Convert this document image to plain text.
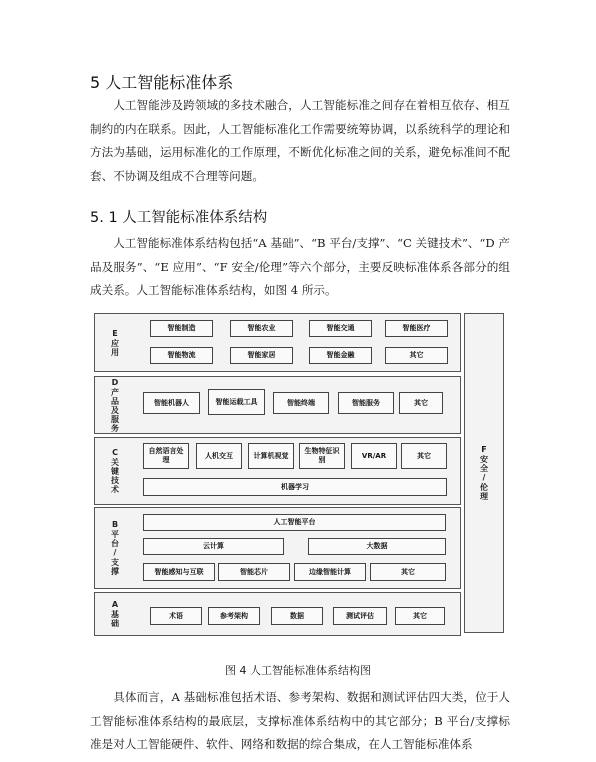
5 人工智能标准体系

人工智能涉及跨领域的多技术融合，人工智能标准之间存在着相互依存、相互制约的内在联系。因此，人工智能标准化工作需要统筹协调，以系统科学的理论和方法为基础，运用标准化的工作原理，不断优化标准之间的关系，避免标准间不配套、不协调及组成不合理等问题。

5. 1 人工智能标准体系结构

人工智能标准体系结构包括“A 基础”、“B 平台/支撑”、“C 关键技术”、“D 产品及服务”、“E 应用”、“F 安全/伦理”等六个部分，主要反映标准体系各部分的组成关系。人工智能标准体系结构，如图 4 所示。

E应用
智能制造	智能农业	智能交通	智能医疗
智能物流	智能家居	智能金融	其它
D产品及服务	智能机器人	智能运载工具	智能终端	智能服务	其它
C关键技术	自然语言处理
人机交互	计算机视觉
生物特征识别
VR/AR	其它
机器学习
B平台/支撑	人工智能平台
云计算	大数据
智能感知与互联	智能芯片	边缘智能计算	其它
A基础	术语	参考架构	数据	测试评估	其它
F安全/伦理
图 4 人工智能标准体系结构图

具体而言，A 基础标准包括术语、参考架构、数据和测试评估四大类，位于人工智能标准体系结构的最底层，支撑标准体系结构中的其它部分；B 平台/支撑标准是对人工智能硬件、软件、网络和数据的综合集成，在人工智能标准体系
